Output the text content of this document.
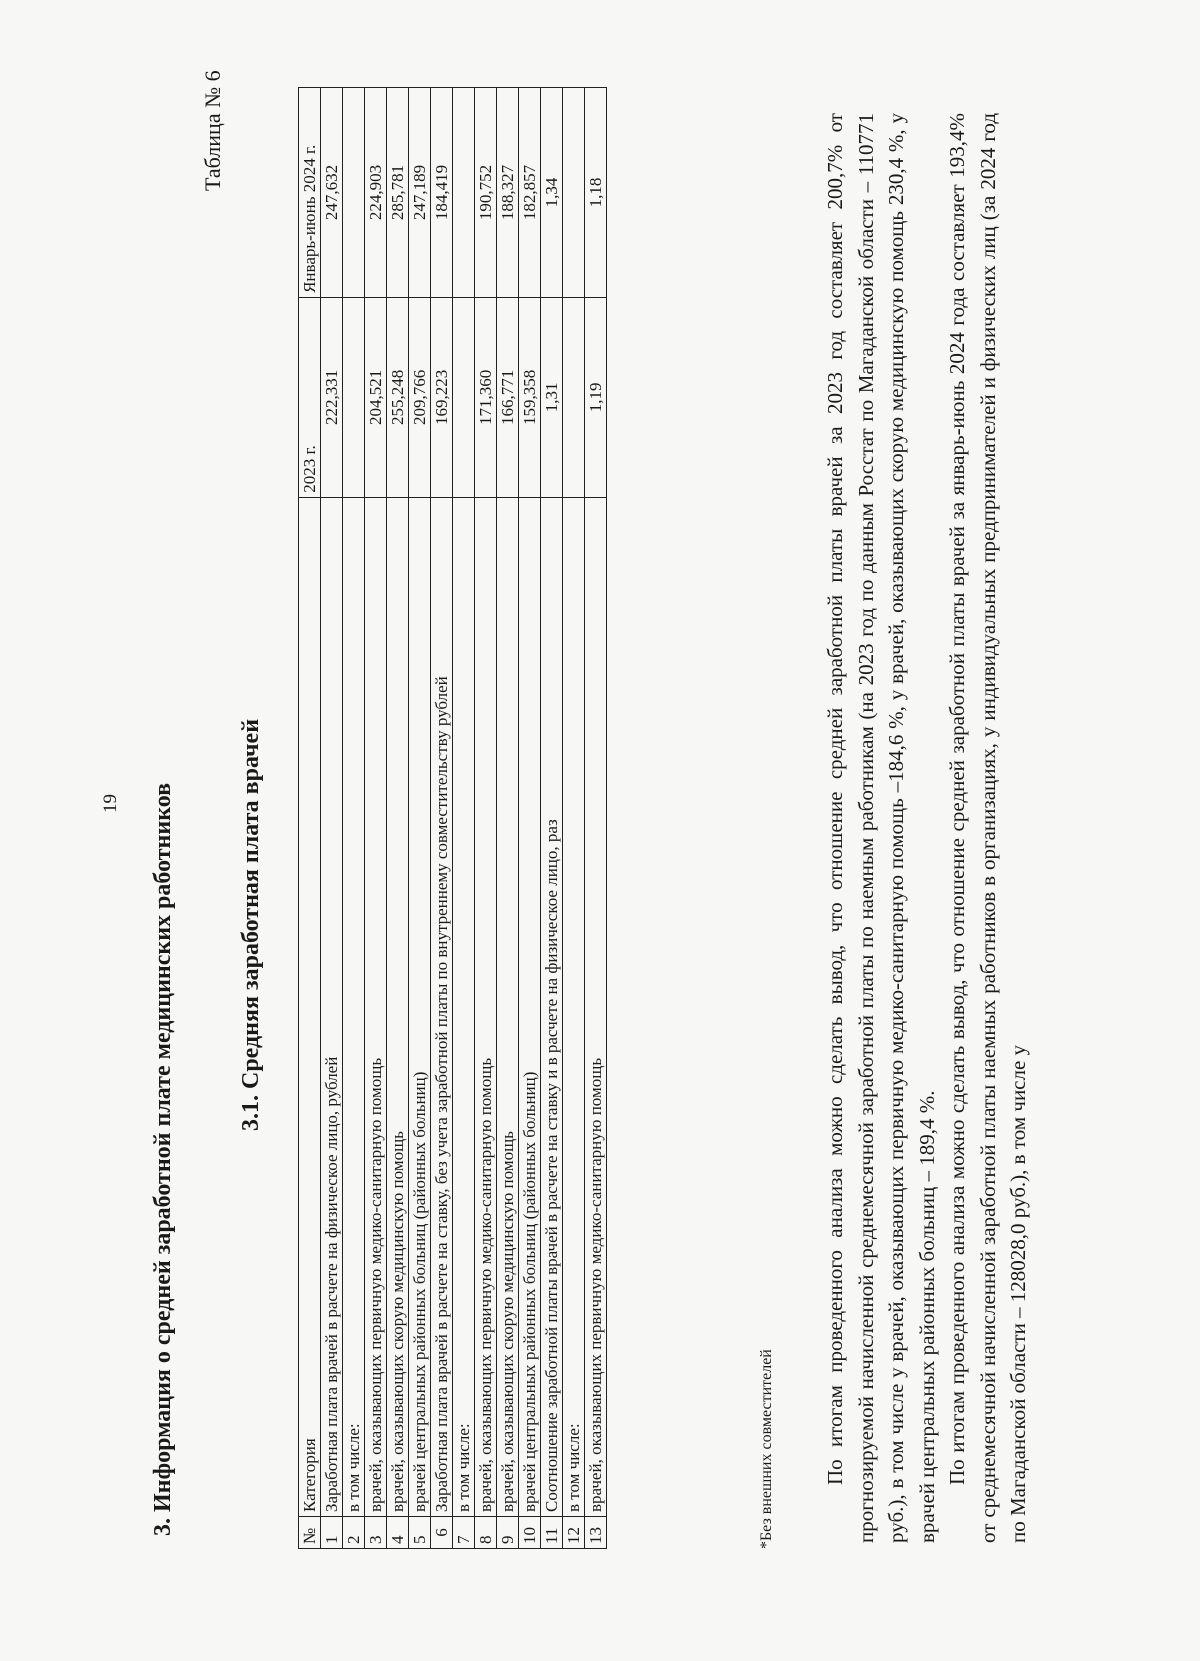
19 3. Информация о средней заработной плате медицинских работников
Таблица № 6
3.1. Средняя заработная плата врачей
№	Категория	2023 г.	Январь-июнь 2024 г.
1	Заработная плата врачей в расчете на физическое лицо, рублей	222,331	247,632
2	в том числе:		
3	врачей, оказывающих первичную медико-санитарную помощь	204,521	224,903
4	врачей, оказывающих скорую медицинскую помощь	255,248	285,781
5	врачей центральных районных больниц (районных больниц)	209,766	247,189
6	Заработная плата врачей в расчете на ставку, без учета заработной платы по внутреннему совместительству рублей	169,223	184,419
7	в том числе:		
8	врачей, оказывающих первичную медико-санитарную помощь	171,360	190,752
9	врачей, оказывающих скорую медицинскую помощь	166,771	188,327
10	врачей центральных районных больниц (районных больниц)	159,358	182,857
11	Соотношение заработной платы врачей в расчете на ставку и в расчете на физическое лицо, раз	1,31	1,34
12	в том числе:		
13	врачей, оказывающих первичную медико-санитарную помощь	1,19	1,18
*Без внешних совместителей По итогам проведенного анализа можно сделать вывод, что отношение средней заработной платы врачей за 2023 год составляет 200,7% от прогнозируемой начисленной среднемесячной заработной платы по наемным работникам (на 2023 год по данным Росстат по Магаданской области – 110771 руб.), в том числе у врачей, оказывающих первичную медико-санитарную помощь –184,6 %, у врачей, оказывающих скорую медицинскую помощь 230,4 %, у врачей центральных районных больниц – 189,4 %. По итогам проведенного анализа можно сделать вывод, что отношение средней заработной платы врачей за январь-июнь 2024 года составляет 193,4% от среднемесячной начисленной заработной платы наемных работников в организациях, у индивидуальных предпринимателей и физических лиц (за 2024 год по Магаданской области – 128028,0 руб.), в том числе у
